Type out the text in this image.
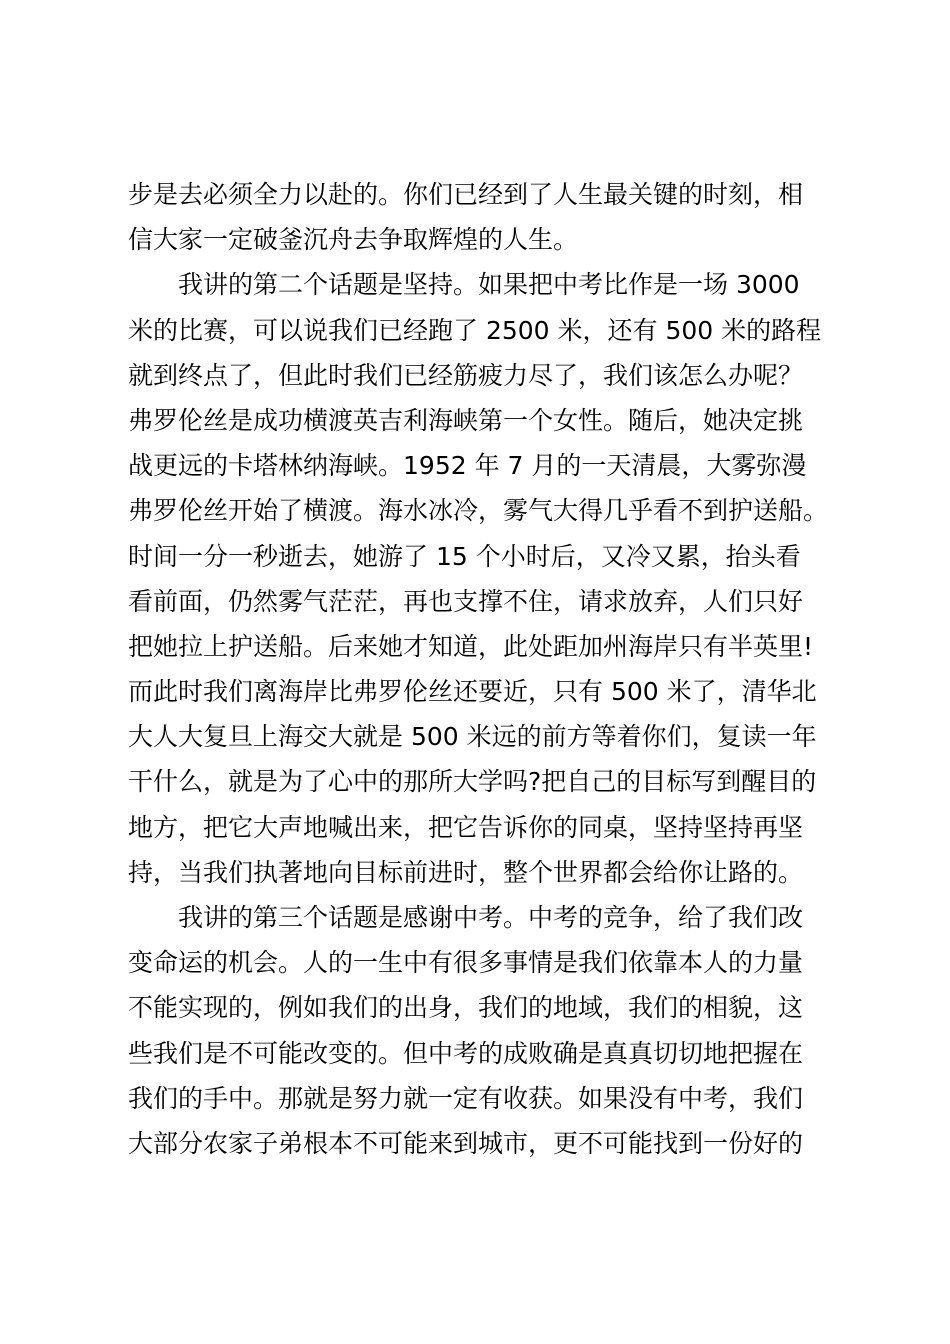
步是去必须全力以赴的。你们已经到了人生最关键的时刻，相
信大家一定破釜沉舟去争取辉煌的人生。
我讲的第二个话题是坚持。如果把中考比作是一场 3000
米的比赛，可以说我们已经跑了 2500 米，还有 500 米的路程
就到终点了，但此时我们已经筋疲力尽了，我们该怎么办呢？
弗罗伦丝是成功横渡英吉利海峡第一个女性。随后，她决定挑
战更远的卡塔林纳海峡。1952 年 7 月的一天清晨，大雾弥漫
弗罗伦丝开始了横渡。海水冰冷，雾气大得几乎看不到护送船。
时间一分一秒逝去，她游了 15 个小时后，又冷又累，抬头看
看前面，仍然雾气茫茫，再也支撑不住，请求放弃，人们只好
把她拉上护送船。后来她才知道，此处距加州海岸只有半英里!
而此时我们离海岸比弗罗伦丝还要近，只有 500 米了，清华北
大人大复旦上海交大就是 500 米远的前方等着你们，复读一年
干什么，就是为了心中的那所大学吗?把自己的目标写到醒目的
地方，把它大声地喊出来，把它告诉你的同桌，坚持坚持再坚
持，当我们执著地向目标前进时，整个世界都会给你让路的。
我讲的第三个话题是感谢中考。中考的竞争，给了我们改
变命运的机会。人的一生中有很多事情是我们依靠本人的力量
不能实现的，例如我们的出身，我们的地域，我们的相貌，这
些我们是不可能改变的。但中考的成败确是真真切切地把握在
我们的手中。那就是努力就一定有收获。如果没有中考，我们
大部分农家子弟根本不可能来到城市，更不可能找到一份好的
